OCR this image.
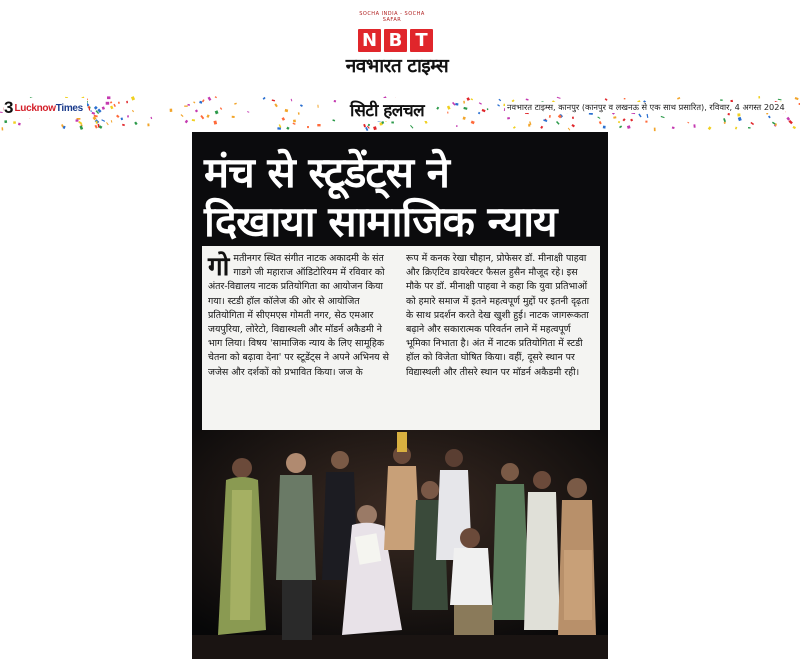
SOCHA INDIA - SOCHA SAFAR
N B T
नवभारत टाइम्स
3 LucknowTimes	सिटी हलचल	नवभारत टाइम्स, कानपुर (कानपुर व लखनऊ से एक साथ प्रसारित), रविवार, 4 अगस्त 2024
मंच से स्टूडेंट्स ने
दिखाया सामाजिक न्याय

गोमतीनगर स्थित संगीत नाटक अकादमी के संत गाडगे जी महाराज ऑडिटोरियम में रविवार को अंतर-विद्यालय नाटक प्रतियोगिता का आयोजन किया गया। स्टडी हॉल कॉलेज की ओर से आयोजित प्रतियोगिता में सीएमएस गोमती नगर, सेठ एमआर जयपुरिया, लोरेटो, विद्यास्थली और मॉडर्न अकैडमी ने भाग लिया। विषय 'सामाजिक न्याय के लिए सामूहिक चेतना को बढ़ावा देना' पर स्टूडेंट्स ने अपने अभिनय से जजेस और दर्शकों को प्रभावित किया। जज के

रूप में कनक रेखा चौहान, प्रोफेसर डॉ. मीनाक्षी पाहवा और क्रिएटिव डायरेक्टर फैसल हुसैन मौजूद रहे। इस मौके पर डॉ. मीनाक्षी पाहवा ने कहा कि युवा प्रतिभाओं को हमारे समाज में इतने महत्वपूर्ण मुद्दों पर इतनी दृढ़ता के साथ प्रदर्शन करते देख खुशी हुई। नाटक जागरूकता बढ़ाने और सकारात्मक परिवर्तन लाने में महत्वपूर्ण भूमिका निभाता है। अंत में नाटक प्रतियोगिता में स्टडी हॉल को विजेता घोषित किया। वहीं, दूसरे स्थान पर विद्यास्थली और तीसरे स्थान पर मॉडर्न अकैडमी रही।
